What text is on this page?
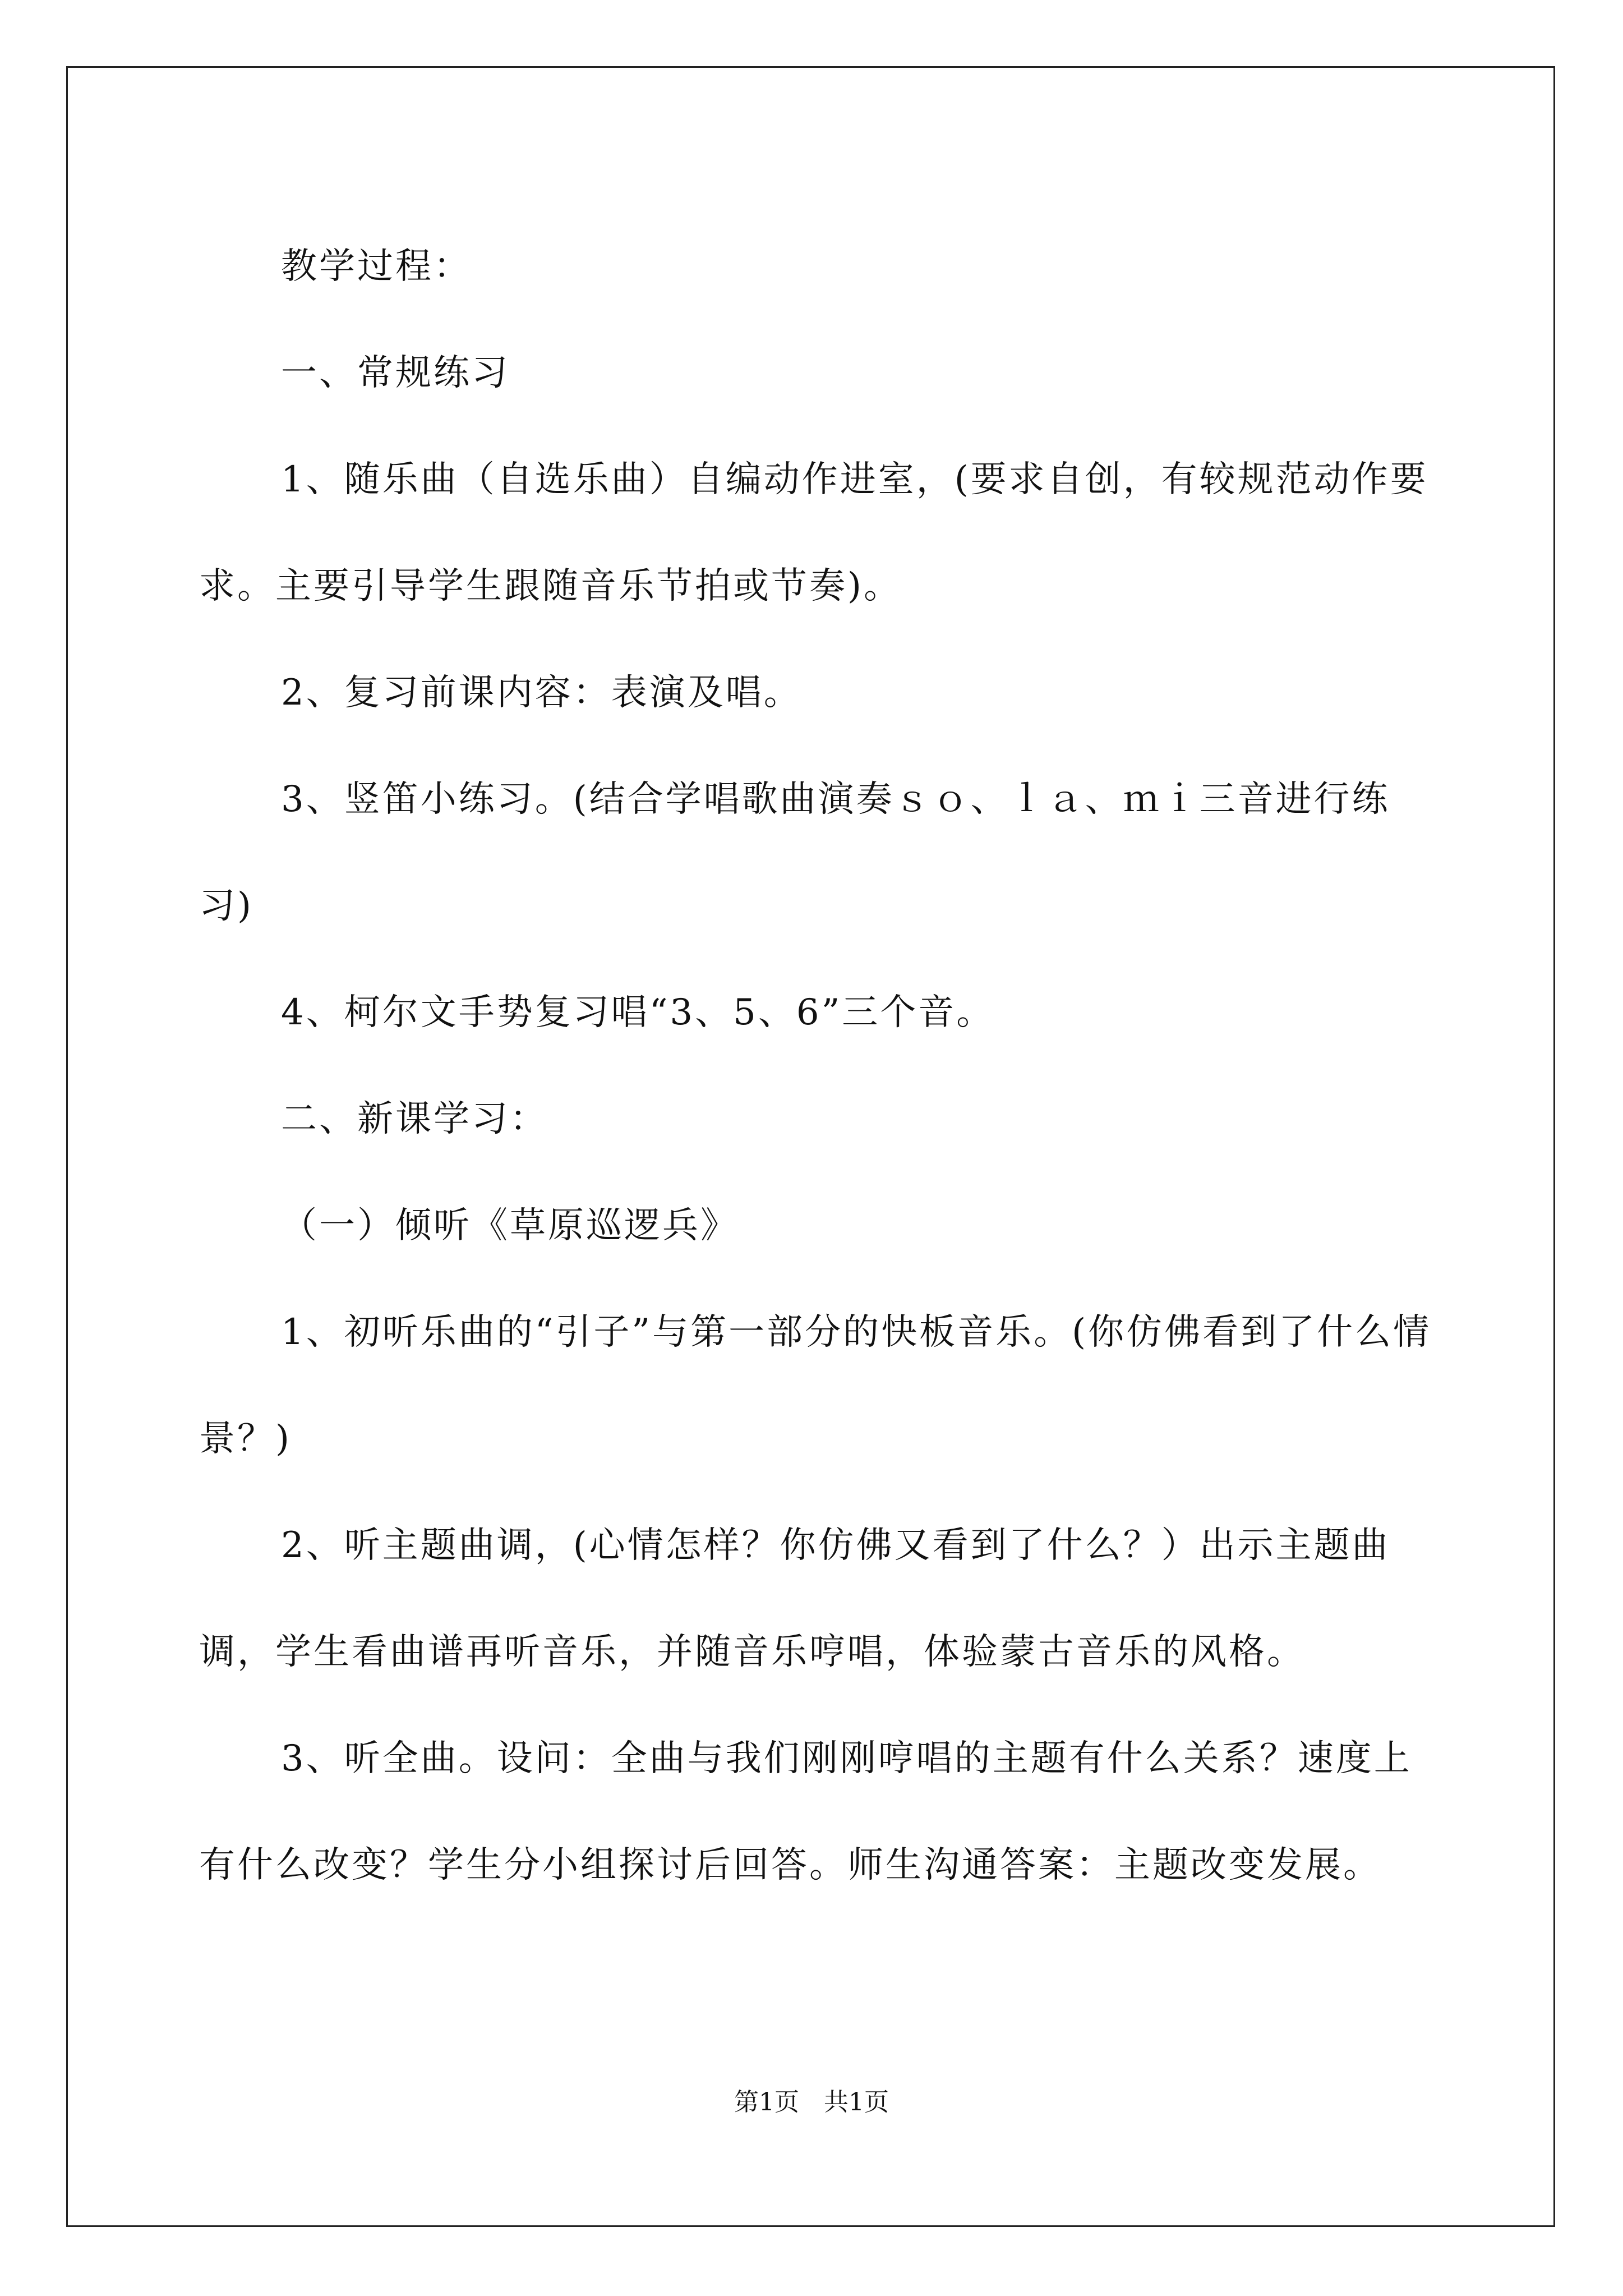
教学过程：

一、常规练习

1、随乐曲（自选乐曲）自编动作进室，(要求自创，有较规范动作要求。主要引导学生跟随音乐节拍或节奏)。

2、复习前课内容：表演及唱。

3、竖笛小练习。(结合学唱歌曲演奏ｓｏ、ｌａ、ｍｉ三音进行练习)

4、柯尔文手势复习唱“3、5、6”三个音。

二、新课学习：

（一）倾听《草原巡逻兵》

1、初听乐曲的“引子”与第一部分的快板音乐。(你仿佛看到了什么情景？)

2、听主题曲调，(心情怎样？你仿佛又看到了什么？）出示主题曲调，学生看曲谱再听音乐，并随音乐哼唱，体验蒙古音乐的风格。

3、听全曲。设问：全曲与我们刚刚哼唱的主题有什么关系？速度上有什么改变？学生分小组探讨后回答。师生沟通答案：主题改变发展。

第1页　共1页
